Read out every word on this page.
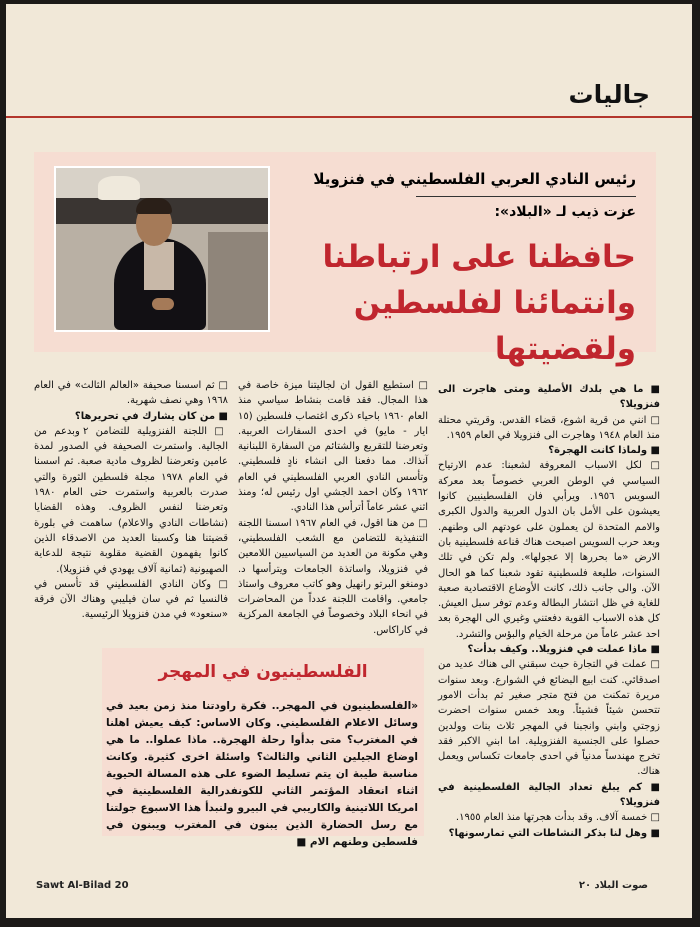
جاليات
رئيس النادي العربي الفلسطيني في فنزويلا
عزت ذيب لـ «البلاد»:
حافظنا على ارتباطنا وانتمائنا لفلسطين ولقضيتها

■ ما هي بلدك الأصلية ومتى هاجرت الى فنزويلا؟

□ انني من قرية اشوع، قضاء القدس. وقريتي محتلة منذ العام ١٩٤٨ وهاجرت الى فنزويلا في العام ١٩٥٩.

■ ولماذا كانت الهجرة؟

□ لكل الاسباب المعروفة لشعبنا: عدم الارتياح السياسي في الوطن العربي خصوصاً بعد معركة السويس ١٩٥٦. ويرأبي فان الفلسطينيين كانوا يعيشون على الأمل بان الدول العربية والدول الكبرى والامم المتحدة لن يعملون على عودتهم الى وطنهم. وبعد حرب السويس اصبحت هناك قناعة فلسطينية بان الارض «ما بحررها إلا عجولها». ولم تكن في تلك السنوات، طليعة فلسطينية تقود شعبنا كما هو الحال الآن. والى جانب ذلك، كانت الأوضاع الاقتصادية صعبة للغاية في ظل انتشار البطالة وعدم توفر سبل العيش. كل هذه الاسباب القوية دفعتني وغيري الى الهجرة بعد احد عشر عاماً من مرحلة الخيام والبؤس والتشرد.

■ ماذا عملت في فنزويلا.. وكيف بدأت؟

□ عملت في التجارة حيث سبقني الى هناك عديد من اصدقائي. كنت ابيع البضائع في الشوارع. وبعد سنوات مريرة تمكنت من فتح متجر صغير ثم بدأت الامور تتحسن شيئاً فشيئاً. وبعد خمس سنوات احضرت زوجتي وابني وانجبنا في المهجر ثلاث بنات وولدين حصلوا على الجنسية الفنزويلية. اما ابني الاكبر فقد تخرج مهندساً مدنياً في احدى جامعات تكساس ويعمل هناك.

■ كم يبلغ تعداد الجالية الفلسطينية في فنزويلا؟

□ خمسة آلاف. وقد بدأت هجرتها منذ العام ١٩٥٥.

■ وهل لنا بذكر النشاطات التي تمارسونها؟

□ استطيع القول ان لجاليتنا ميزة خاصة في هذا المجال. فقد قامت بنشاط سياسي منذ العام ١٩٦٠ باحياء ذكرى اغتصاب فلسطين (١٥ ايار - مايو) في احدى السفارات العربية. وتعرضنا للتقريع والشتائم من السفارة اللبنانية آنذاك. مما دفعنا الى انشاء نادٍ فلسطيني. وتأسس النادي العربي الفلسطيني في العام ١٩٦٢ وكان احمد الجشي اول رئيس له؛ ومنذ اثني عشر عاماً أترأس هذا النادي.

□ من هنا اقول، في العام ١٩٦٧ اسسنا اللجنة التنفيذية للتضامن مع الشعب الفلسطيني، وهي مكونة من العديد من السياسيين اللامعين في فنزويلا، واساتذة الجامعات ويترأسها د. دومنغو البرتو رانهيل وهو كاتب معروف واستاذ جامعي. واقامت اللجنة عدداً من المحاضرات في انحاء البلاد وخصوصاً في الجامعة المركزية في كاراكاس.

□ ثم اسسنا صحيفة «العالم الثالث» في العام ١٩٦٨ وهي نصف شهرية.

■ من كان يشارك في تحريرها؟

□ اللجنة الفنزويلية للتضامن ٢ وبدعم من الجالية. واستمرت الصحيفة في الصدور لمدة عامين وتعرضنا لظروف مادية صعبة. ثم اسسنا في العام ١٩٧٨ مجلة فلسطين الثورة والتي صدرت بالعربية واستمرت حتى العام ١٩٨٠ وتعرضنا لنفس الظروف. وهذه القضايا (نشاطات النادي والاعلام) ساهمت في بلورة قضيتنا هنا وكسبنا العديد من الاصدقاء الذين كانوا يفهمون القضية مقلوبة نتيجة للدعاية الصهيونية (ثمانية آلاف يهودي في فنزويلا).

□ وكان النادي الفلسطيني قد تأسس في فالنسيا ثم في سان فيليبي وهناك الآن فرقة «سنعود» في مدن فنزويلا الرئيسية.

الفلسطينيون في المهجر
«الفلسطينيون في المهجر.. فكرة راودتنا منذ زمن بعيد في وسائل الاعلام الفلسطيني. وكان الاساس: كيف يعيش اهلنا في المغترب؟ متى بدأوا رحلة الهجرة.. ماذا عملوا.. ما هي اوضاع الجيلين الثاني والثالث؟ واسئلة اخرى كثيرة. وكانت مناسبة طيبة ان يتم تسليط الضوء على هذه المسالة الحيوية اثناء انعقاد المؤتمر الثاني للكونفدرالية الفلسطينية في امريكا اللاتينية والكاريبي في البيرو ولنبدأ هذا الاسبوع جولتنا مع رسل الحضارة الذين يبنون في المغترب ويبنون في فلسطين وطنهم الام ■
Sawt Al-Bilad 20	صوت البلاد ٢٠
